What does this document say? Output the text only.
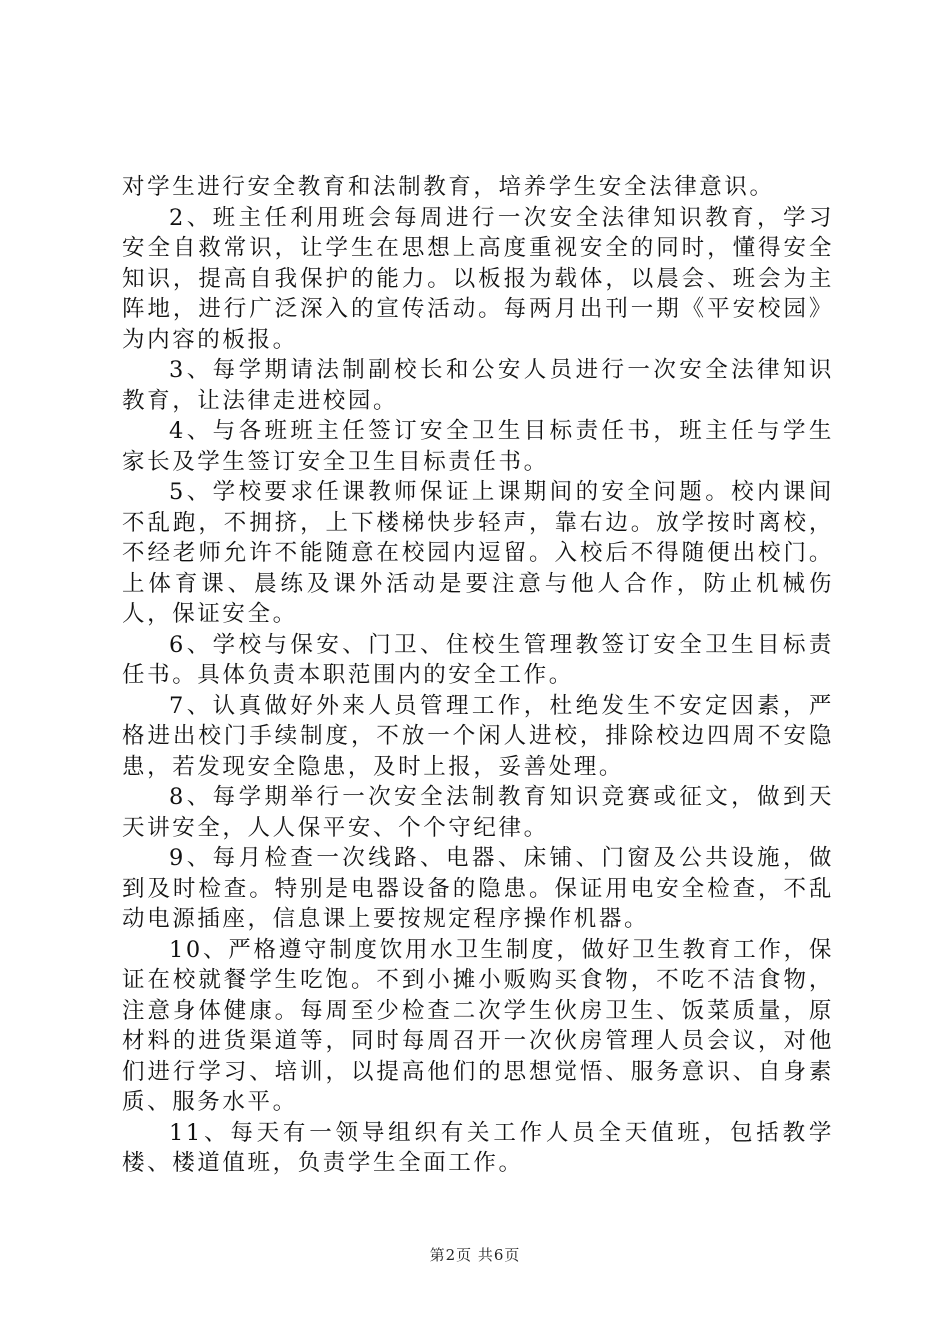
对学生进行安全教育和法制教育，培养学生安全法律意识。

2、班主任利用班会每周进行一次安全法律知识教育，学习安全自救常识，让学生在思想上高度重视安全的同时，懂得安全知识，提高自我保护的能力。以板报为载体，以晨会、班会为主阵地，进行广泛深入的宣传活动。每两月出刊一期《平安校园》为内容的板报。

3、每学期请法制副校长和公安人员进行一次安全法律知识教育，让法律走进校园。

4、与各班班主任签订安全卫生目标责任书，班主任与学生家长及学生签订安全卫生目标责任书。

5、学校要求任课教师保证上课期间的安全问题。校内课间不乱跑，不拥挤，上下楼梯快步轻声，靠右边。放学按时离校，不经老师允许不能随意在校园内逗留。入校后不得随便出校门。上体育课、晨练及课外活动是要注意与他人合作，防止机械伤人，保证安全。

6、学校与保安、门卫、住校生管理教签订安全卫生目标责任书。具体负责本职范围内的安全工作。

7、认真做好外来人员管理工作，杜绝发生不安定因素，严格进出校门手续制度，不放一个闲人进校，排除校边四周不安隐患，若发现安全隐患，及时上报，妥善处理。

8、每学期举行一次安全法制教育知识竞赛或征文，做到天天讲安全，人人保平安、个个守纪律。

9、每月检查一次线路、电器、床铺、门窗及公共设施，做到及时检查。特别是电器设备的隐患。保证用电安全检查，不乱动电源插座，信息课上要按规定程序操作机器。

10、严格遵守制度饮用水卫生制度，做好卫生教育工作，保证在校就餐学生吃饱。不到小摊小贩购买食物，不吃不洁食物，注意身体健康。每周至少检查二次学生伙房卫生、饭菜质量，原材料的进货渠道等，同时每周召开一次伙房管理人员会议，对他们进行学习、培训，以提高他们的思想觉悟、服务意识、自身素质、服务水平。

11、每天有一领导组织有关工作人员全天值班，包括教学楼、楼道值班，负责学生全面工作。

第2页 共6页
